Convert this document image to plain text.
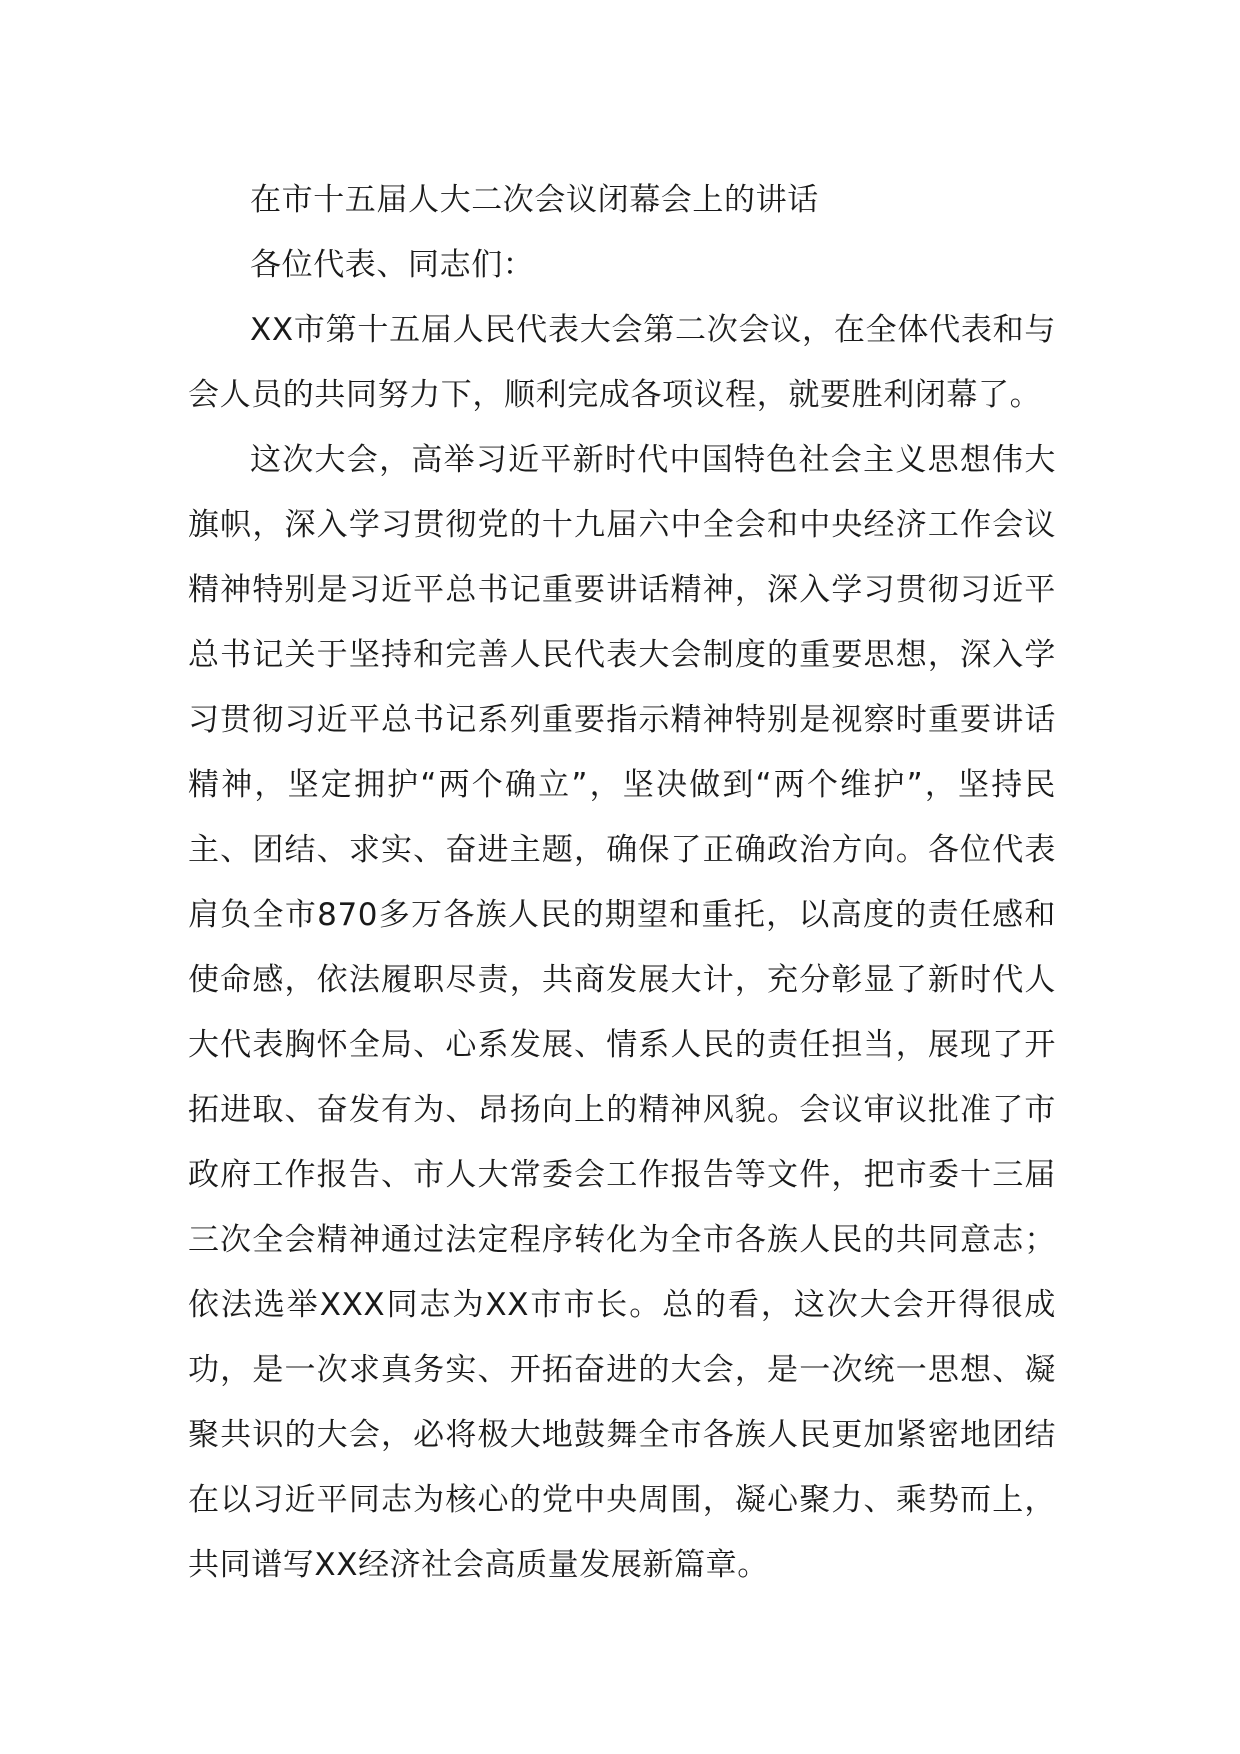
在市十五届人大二次会议闭幕会上的讲话

各位代表、同志们：

XX市第十五届人民代表大会第二次会议，在全体代表和与会人员的共同努力下，顺利完成各项议程，就要胜利闭幕了。

这次大会，高举习近平新时代中国特色社会主义思想伟大旗帜，深入学习贯彻党的十九届六中全会和中央经济工作会议精神特别是习近平总书记重要讲话精神，深入学习贯彻习近平总书记关于坚持和完善人民代表大会制度的重要思想，深入学习贯彻习近平总书记系列重要指示精神特别是视察时重要讲话精神，坚定拥护“两个确立”，坚决做到“两个维护”，坚持民主、团结、求实、奋进主题，确保了正确政治方向。各位代表肩负全市870多万各族人民的期望和重托，以高度的责任感和使命感，依法履职尽责，共商发展大计，充分彰显了新时代人大代表胸怀全局、心系发展、情系人民的责任担当，展现了开拓进取、奋发有为、昂扬向上的精神风貌。会议审议批准了市政府工作报告、市人大常委会工作报告等文件，把市委十三届三次全会精神通过法定程序转化为全市各族人民的共同意志；依法选举XXX同志为XX市市长。总的看，这次大会开得很成功，是一次求真务实、开拓奋进的大会，是一次统一思想、凝聚共识的大会，必将极大地鼓舞全市各族人民更加紧密地团结在以习近平同志为核心的党中央周围，凝心聚力、乘势而上，共同谱写XX经济社会高质量发展新篇章。
